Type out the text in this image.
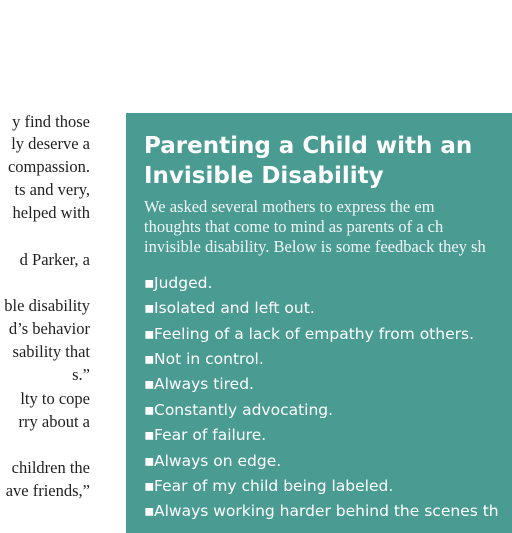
y find those
ly deserve a
compassion.
ts and very,
helped with
d Parker, a
ble disability
d’s behavior
sability that
s.”
lty to cope
rry about a
children the
ave friends,”
Parenting a Child with an
Invisible Disability
We asked several mothers to express the em
thoughts that come to mind as parents of a ch
invisible disability. Below is some feedback they sh
▪Judged.
▪Isolated and left out.
▪Feeling of a lack of empathy from others.
▪Not in control.
▪Always tired.
▪Constantly advocating.
▪Fear of failure.
▪Always on edge.
▪Fear of my child being labeled.
▪Always working harder behind the scenes th
